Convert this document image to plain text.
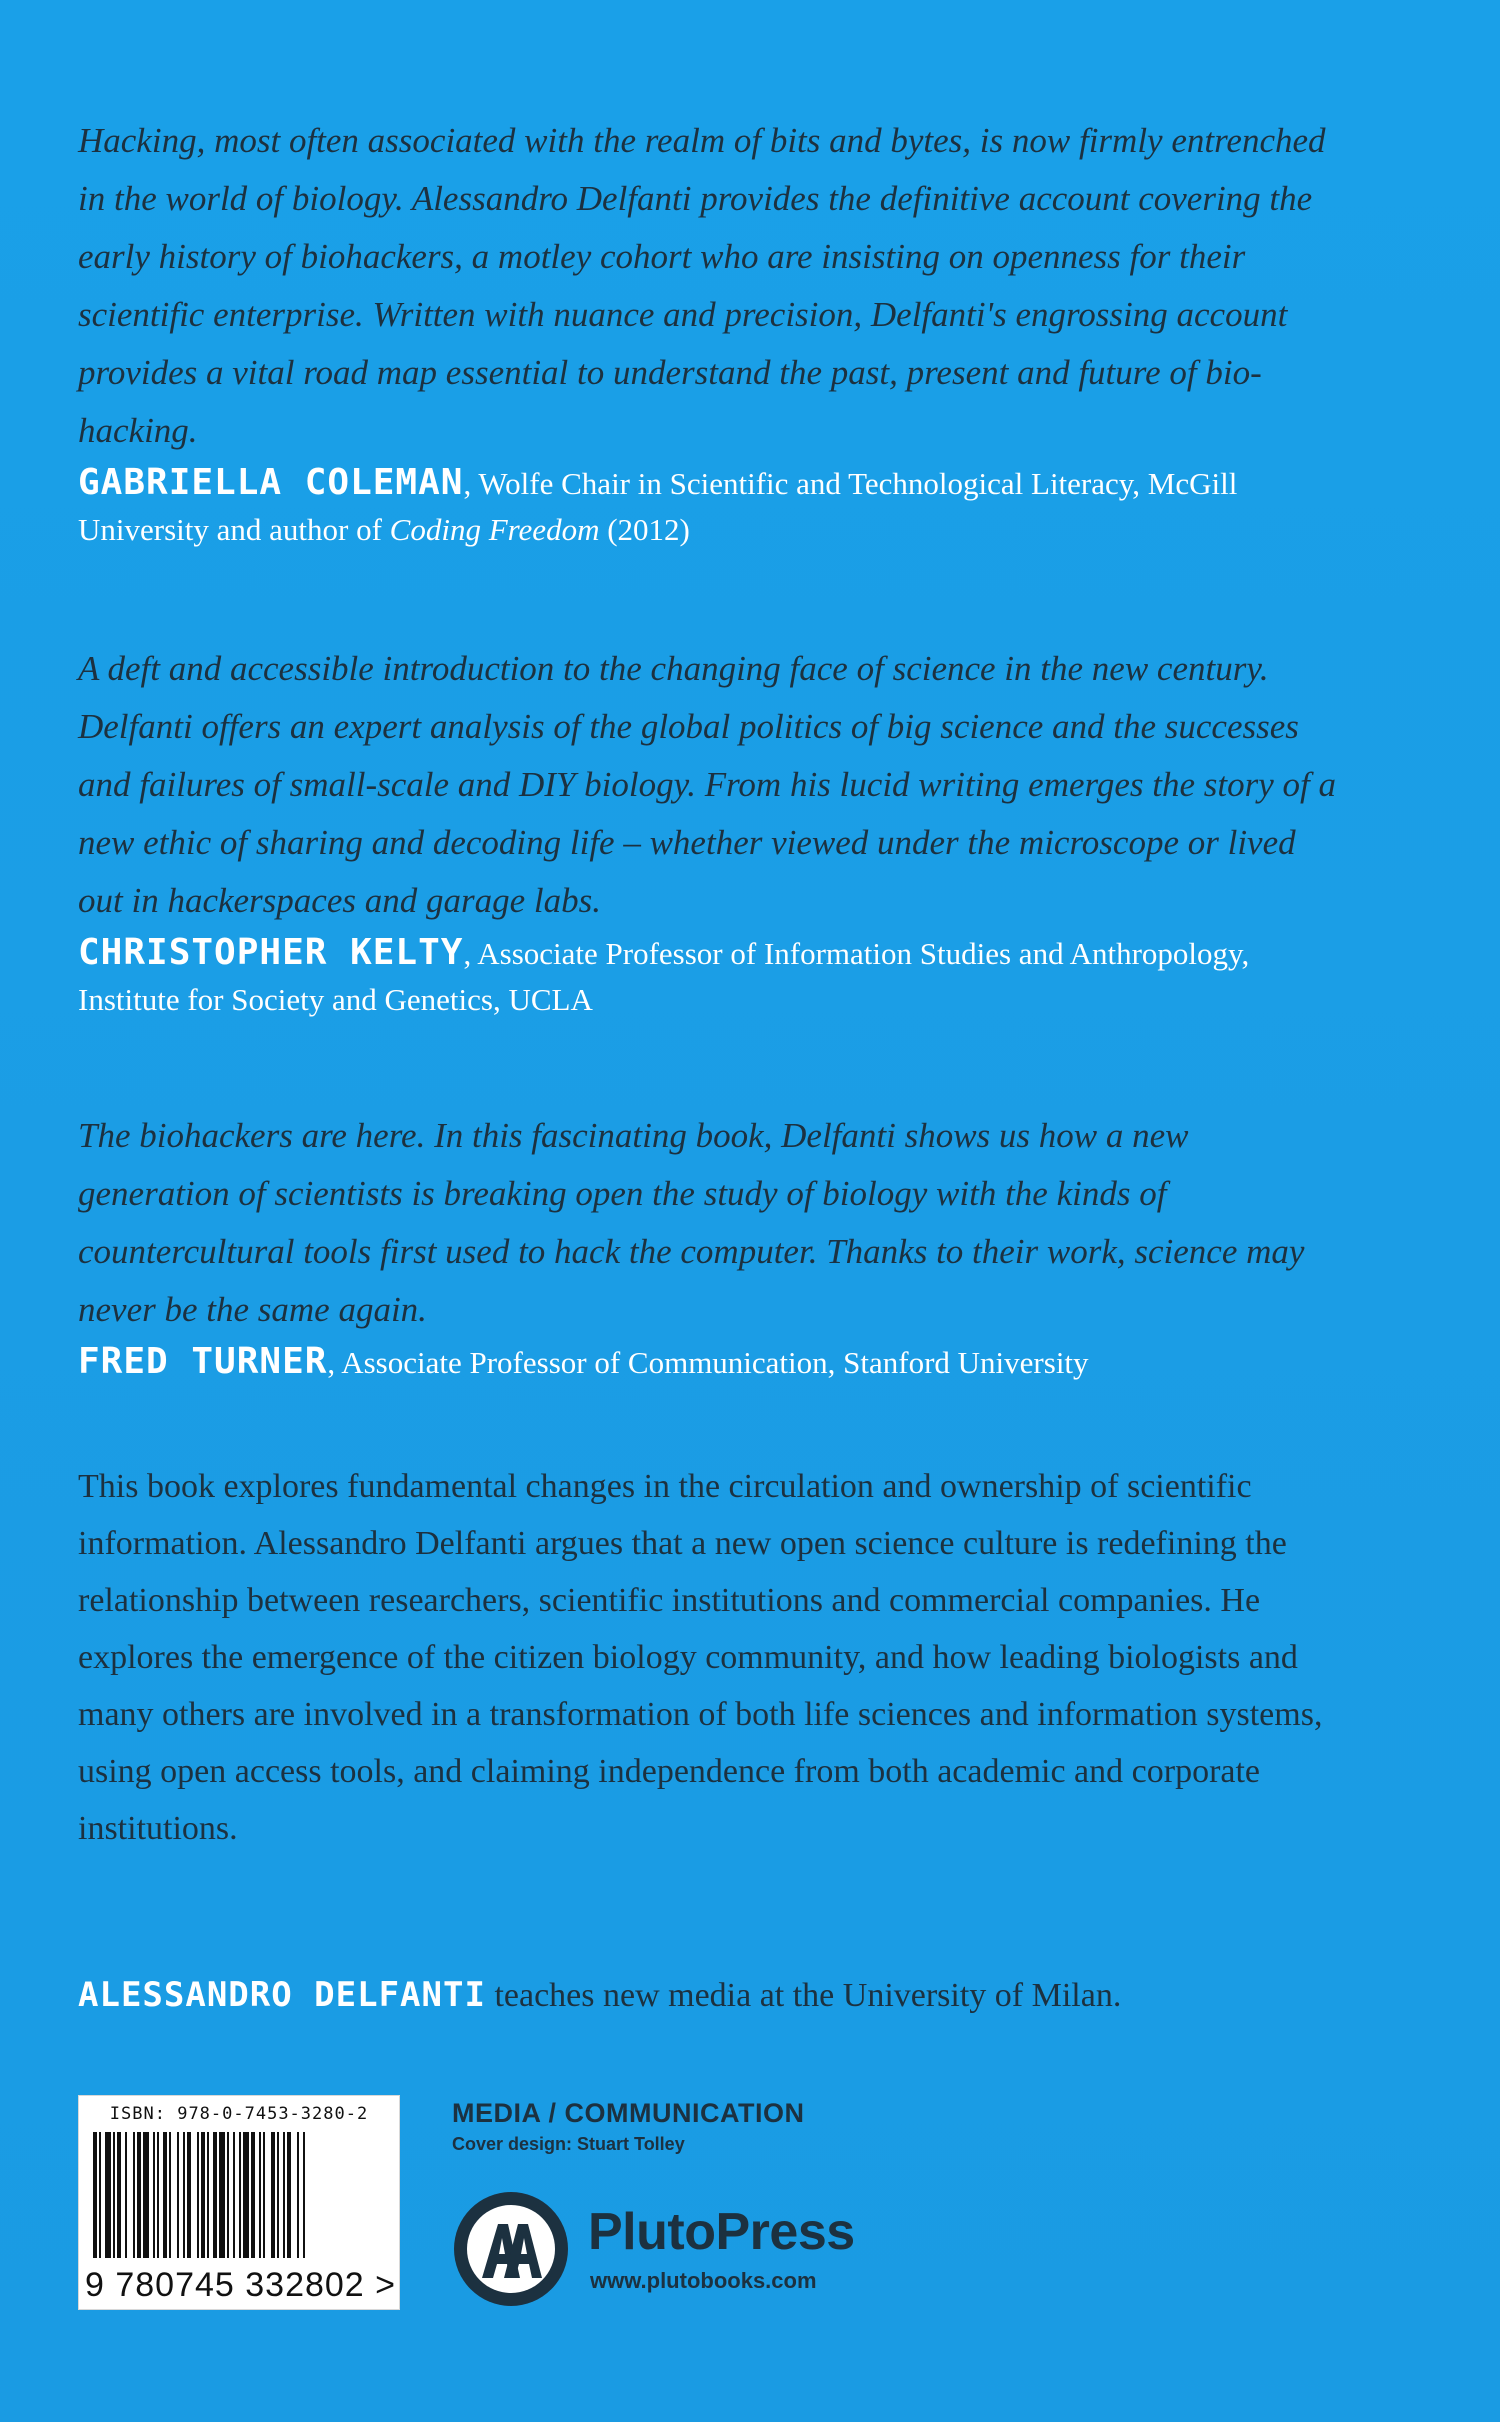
Hacking, most often associated with the realm of bits and bytes, is now firmly entrenched in the world of biology. Alessandro Delfanti provides the definitive account covering the early history of biohackers, a motley cohort who are insisting on openness for their scientific enterprise. Written with nuance and precision, Delfanti's engrossing account provides a vital road map essential to understand the past, present and future of bio-hacking.

GABRIELLA COLEMAN, Wolfe Chair in Scientific and Technological Literacy, McGill University and author of Coding Freedom (2012)

A deft and accessible introduction to the changing face of science in the new century. Delfanti offers an expert analysis of the global politics of big science and the successes and failures of small-scale and DIY biology. From his lucid writing emerges the story of a new ethic of sharing and decoding life – whether viewed under the microscope or lived out in hackerspaces and garage labs.

CHRISTOPHER KELTY, Associate Professor of Information Studies and Anthropology, Institute for Society and Genetics, UCLA

The biohackers are here. In this fascinating book, Delfanti shows us how a new generation of scientists is breaking open the study of biology with the kinds of countercultural tools first used to hack the computer. Thanks to their work, science may never be the same again.

FRED TURNER, Associate Professor of Communication, Stanford University

This book explores fundamental changes in the circulation and ownership of scientific information. Alessandro Delfanti argues that a new open science culture is redefining the relationship between researchers, scientific institutions and commercial companies. He explores the emergence of the citizen biology community, and how leading biologists and many others are involved in a transformation of both life sciences and information systems, using open access tools, and claiming independence from both academic and corporate institutions.

ALESSANDRO DELFANTI teaches new media at the University of Milan.
ISBN: 978-0-7453-3280-2
9 780745 332802 >
MEDIA / COMMUNICATION
Cover design: Stuart Tolley
PlutoPress
www.plutobooks.com
